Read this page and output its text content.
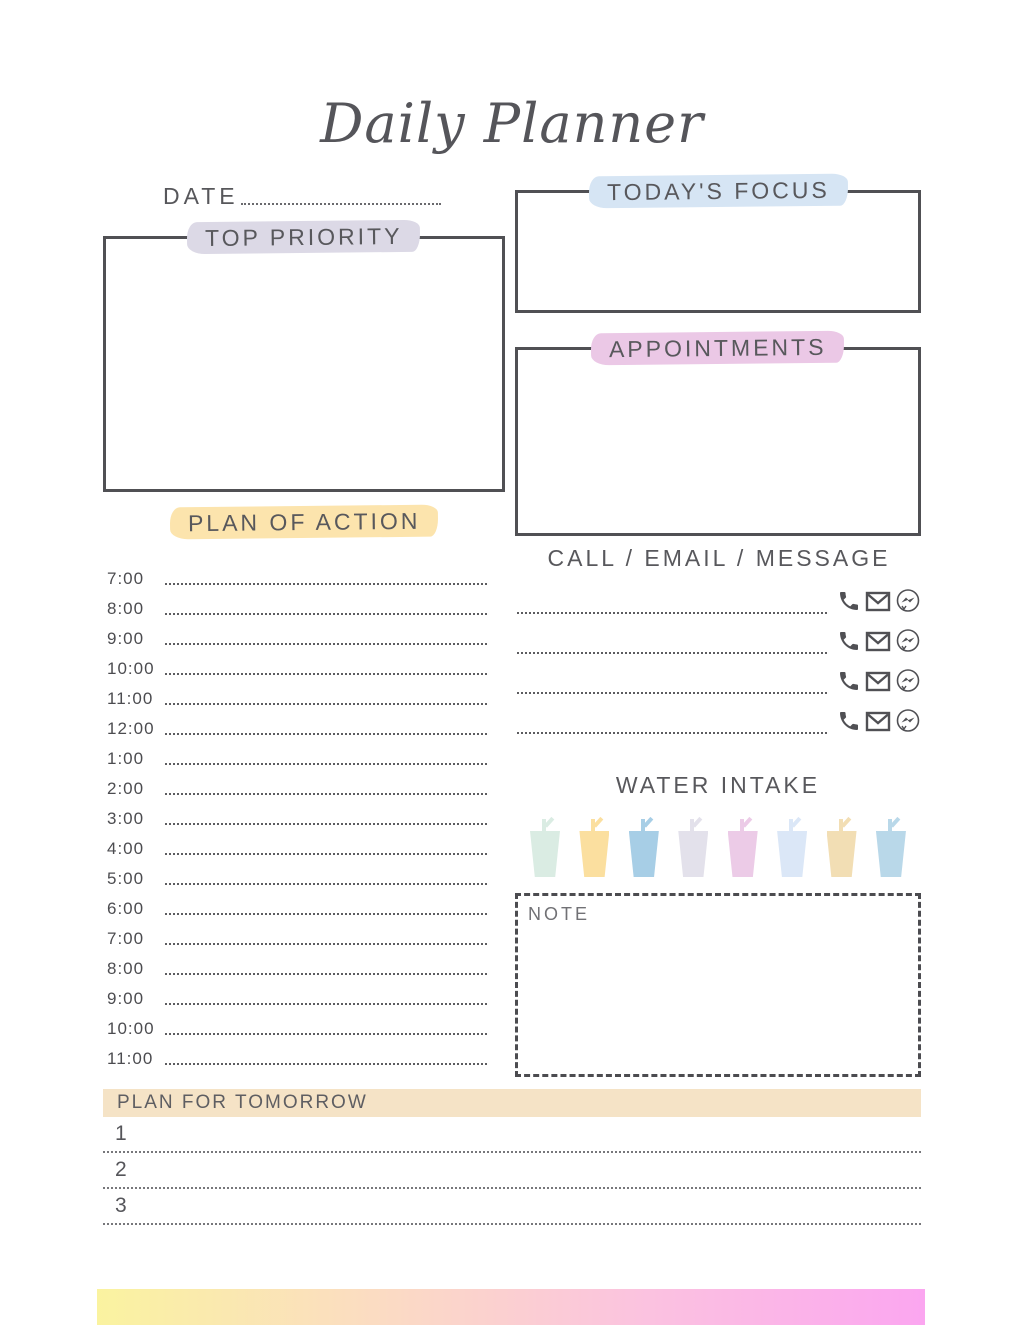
Daily Planner
DATE
TOP PRIORITY
TODAY'S FOCUS
APPOINTMENTS
PLAN OF ACTION
7:00
8:00
9:00
10:00
11:00
12:00
1:00
2:00
3:00
4:00
5:00
6:00
7:00
8:00
9:00
10:00
11:00
CALL / EMAIL / MESSAGE
WATER INTAKE
NOTE
PLAN FOR TOMORROW
1
2
3
